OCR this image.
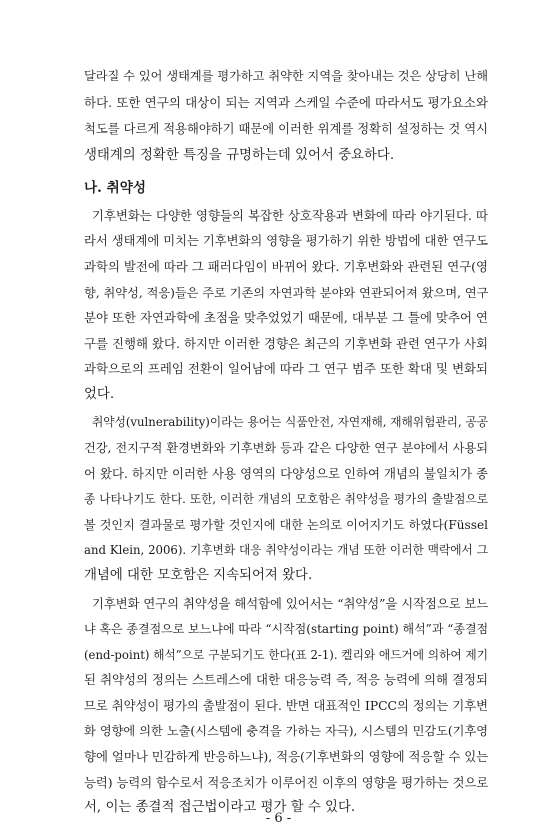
달라질 수 있어 생태계를 평가하고 취약한 지역을 찾아내는 것은 상당히 난해
하다. 또한 연구의 대상이 되는 지역과 스케일 수준에 따라서도 평가요소와
척도를 다르게 적용해야하기 때문에 이러한 위계를 정확히 설정하는 것 역시
생태계의 정확한 특징을 규명하는데 있어서 중요하다.
나. 취약성
기후변화는 다양한 영향들의 복잡한 상호작용과 변화에 따라 야기된다. 따
라서 생태계에 미치는 기후변화의 영향을 평가하기 위한 방법에 대한 연구도
과학의 발전에 따라 그 패러다임이 바뀌어 왔다. 기후변화와 관련된 연구(영
향, 취약성, 적응)들은 주로 기존의 자연과학 분야와 연관되어져 왔으며, 연구
분야 또한 자연과학에 초점을 맞추었었기 때문에, 대부분 그 틀에 맞추어 연
구를 진행해 왔다. 하지만 이러한 경향은 최근의 기후변화 관련 연구가 사회
과학으로의 프레임 전환이 일어남에 따라 그 연구 범주 또한 확대 및 변화되
었다.
취약성(vulnerability)이라는 용어는 식품안전, 자연재해, 재해위험관리, 공공
건강, 전지구적 환경변화와 기후변화 등과 같은 다양한 연구 분야에서 사용되
어 왔다. 하지만 이러한 사용 영역의 다양성으로 인하여 개념의 불일치가 종
종 나타나기도 한다. 또한, 이러한 개념의 모호함은 취약성을 평가의 출발점으로
볼 것인지 결과물로 평가할 것인지에 대한 논의로 이어지기도 하였다(Füssel
and Klein, 2006). 기후변화 대응 취약성이라는 개념 또한 이러한 맥락에서 그
개념에 대한 모호함은 지속되어져 왔다.
기후변화 연구의 취약성을 해석함에 있어서는 “취약성”을 시작점으로 보느
냐 혹은 종결점으로 보느냐에 따라 “시작점(starting point) 해석”과 “종결점
(end-point) 해석”으로 구분되기도 한다(표 2-1). 켈리와 애드거에 의하여 제기
된 취약성의 정의는 스트레스에 대한 대응능력 즉, 적응 능력에 의해 결정되
므로 취약성이 평가의 출발점이 된다. 반면 대표적인 IPCC의 정의는 기후변
화 영향에 의한 노출(시스템에 충격을 가하는 자극), 시스템의 민감도(기후영
향에 얼마나 민감하게 반응하느냐), 적응(기후변화의 영향에 적응할 수 있는
능력) 능력의 함수로서 적응조치가 이루어진 이후의 영향을 평가하는 것으로
서, 이는 종결적 접근법이라고 평가 할 수 있다.
- 6 -
